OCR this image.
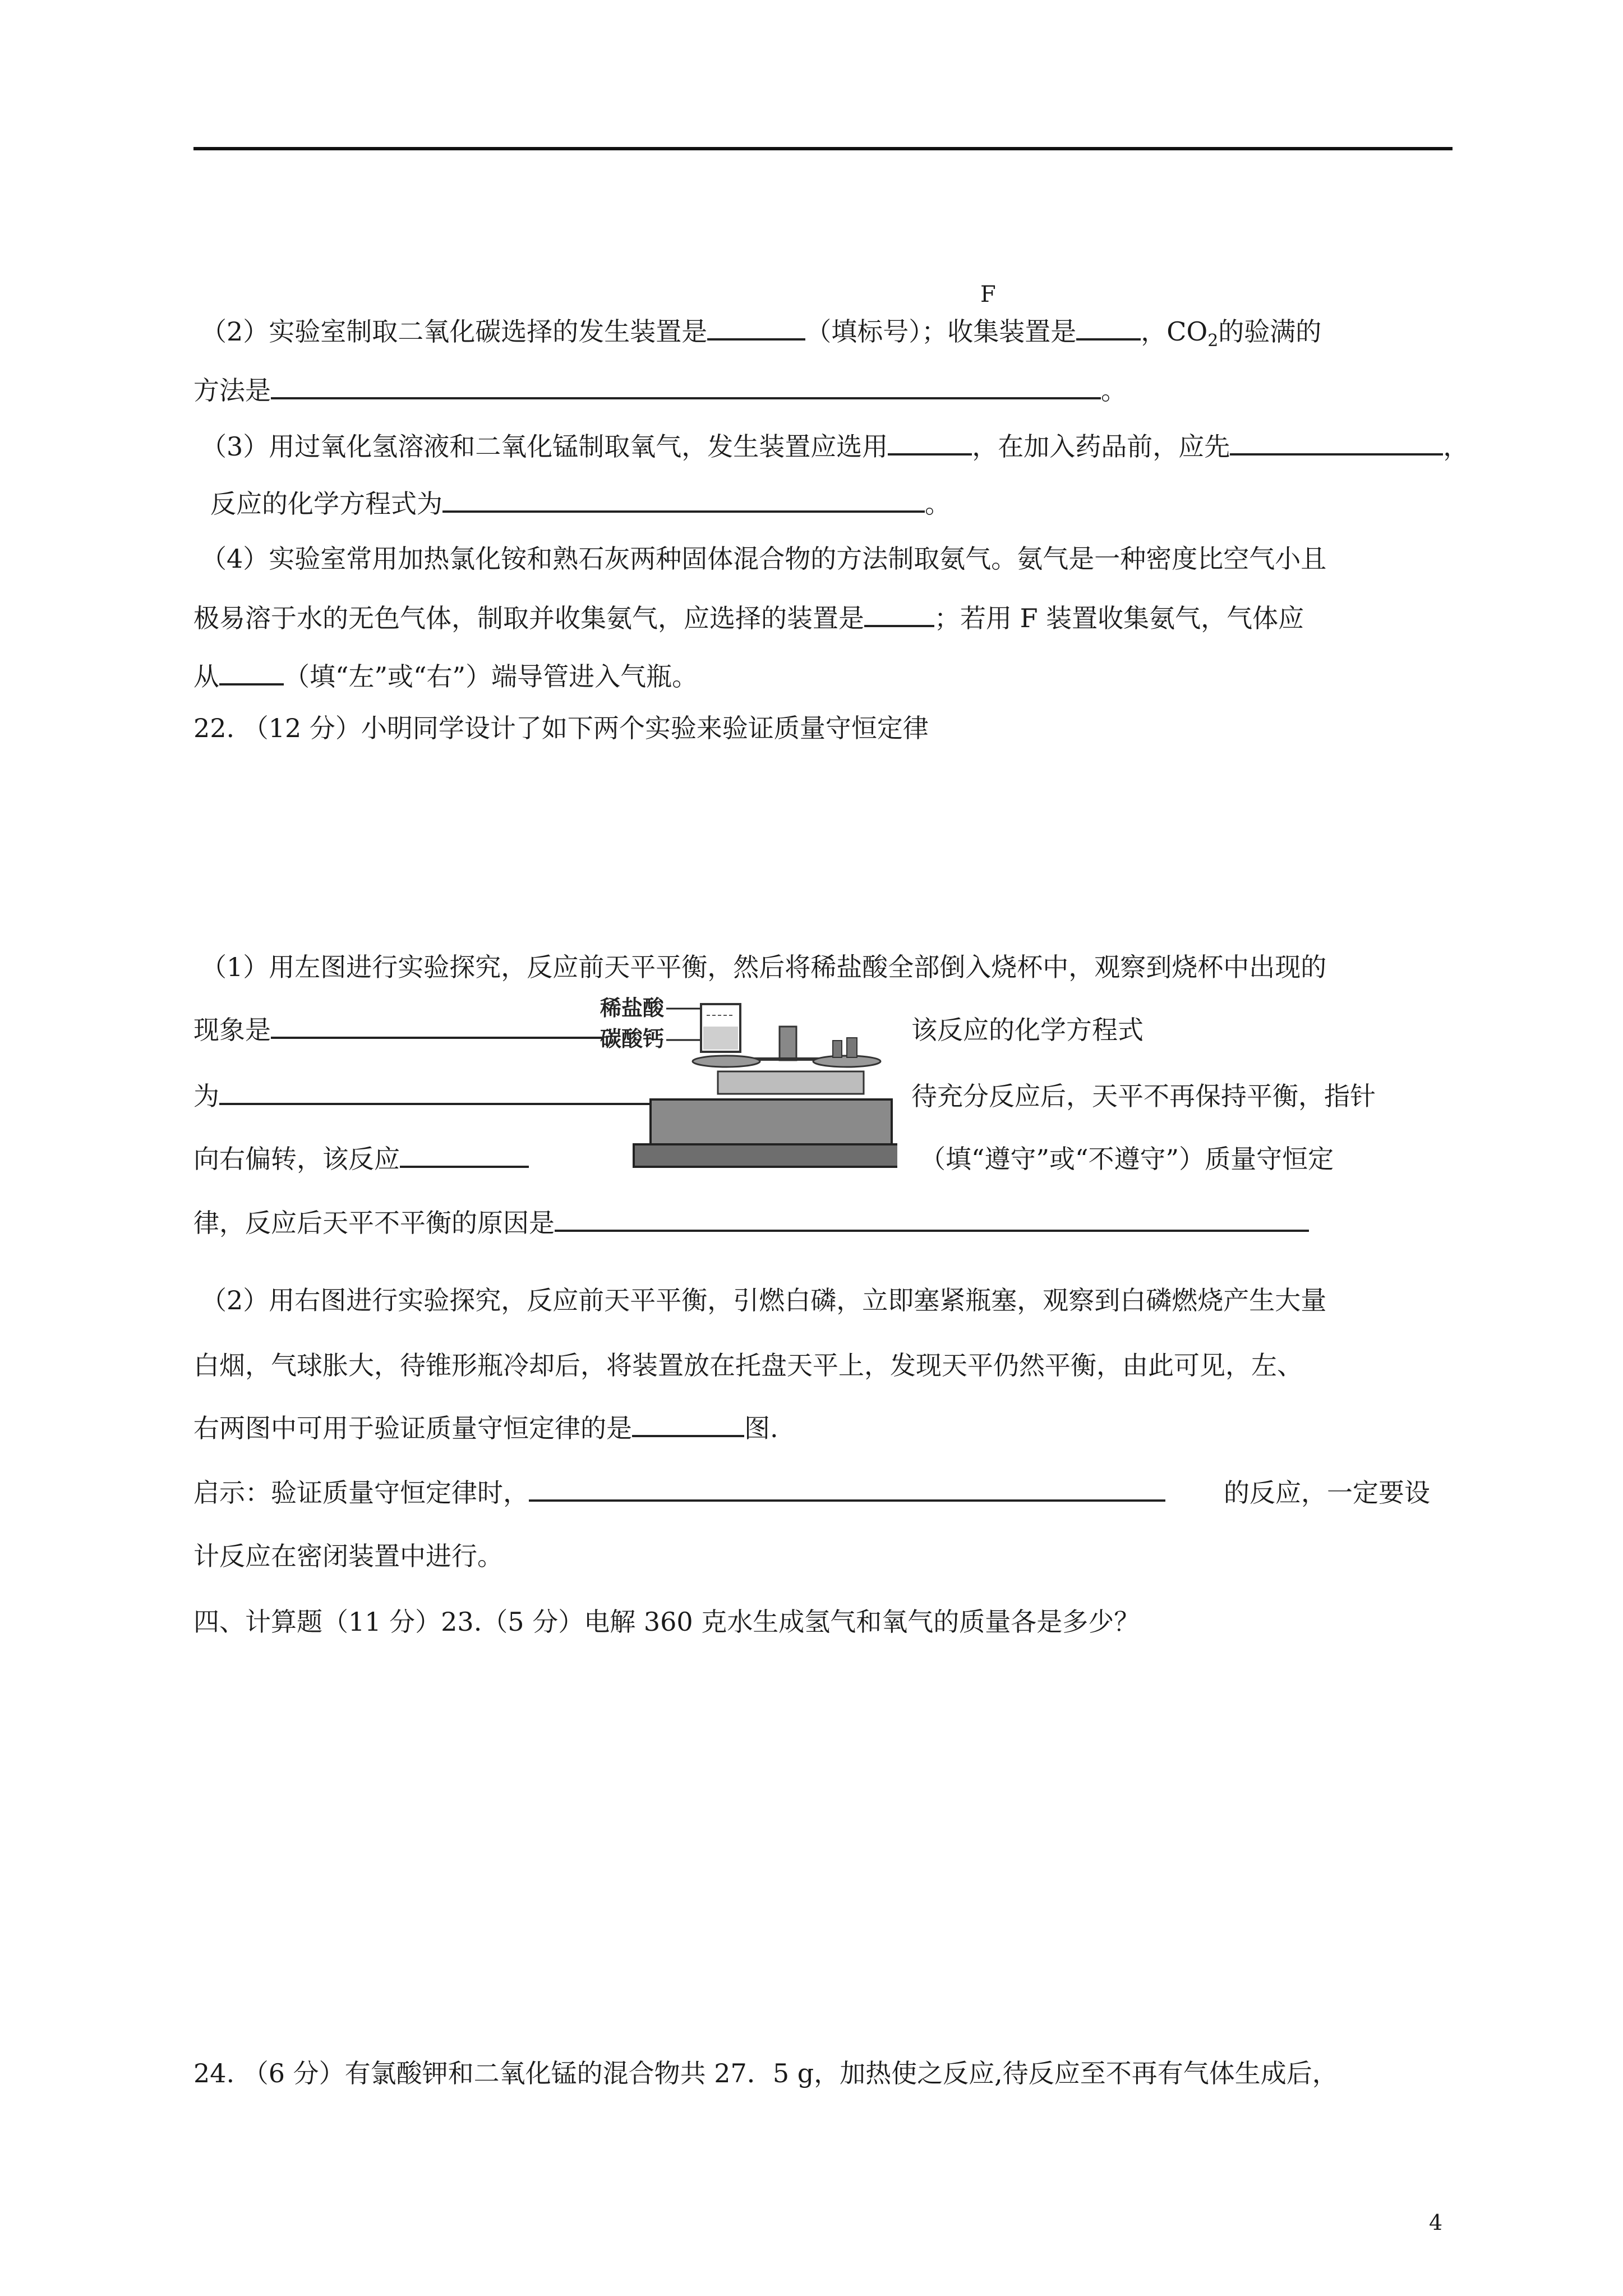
F
（2）实验室制取二氧化碳选择的发生装置是	（填标号）；收集装置是	，$CO_2$的验满的
方法是	。
（3）用过氧化氢溶液和二氧化锰制取氧气，发生装置应选用	，在加入药品前，应先	，
反应的化学方程式为	。
（4）实验室常用加热氯化铵和熟石灰两种固体混合物的方法制取氨气。氨气是一种密度比空气小且
极易溶于水的无色气体，制取并收集氨气，应选择的装置是	；若用 F 装置收集氨气，气体应
从	（填“左”或“右”）端导管进入气瓶。
22. （12 分）小明同学设计了如下两个实验来验证质量守恒定律
（1）用左图进行实验探究，反应前天平平衡，然后将稀盐酸全部倒入烧杯中，观察到烧杯中出现的
现象是	该反应的化学方程式
为	待充分反应后，天平不再保持平衡，指针
向右偏转，该反应	（填“遵守”或“不遵守”）质量守恒定
律，反应后天平不平衡的原因是
稀盐酸
碳酸钙
（2）用右图进行实验探究，反应前天平平衡，引燃白磷，立即塞紧瓶塞，观察到白磷燃烧产生大量
白烟，气球胀大，待锥形瓶冷却后，将装置放在托盘天平上，发现天平仍然平衡，由此可见，左、
右两图中可用于验证质量守恒定律的是	图.
启示：验证质量守恒定律时，	的反应，一定要设
计反应在密闭装置中进行。
四、计算题（11 分）23.（5 分）电解 360 克水生成氢气和氧气的质量各是多少？
24. （6 分）有氯酸钾和二氧化锰的混合物共 27．5 g，加热使之反应,待反应至不再有气体生成后，
4
